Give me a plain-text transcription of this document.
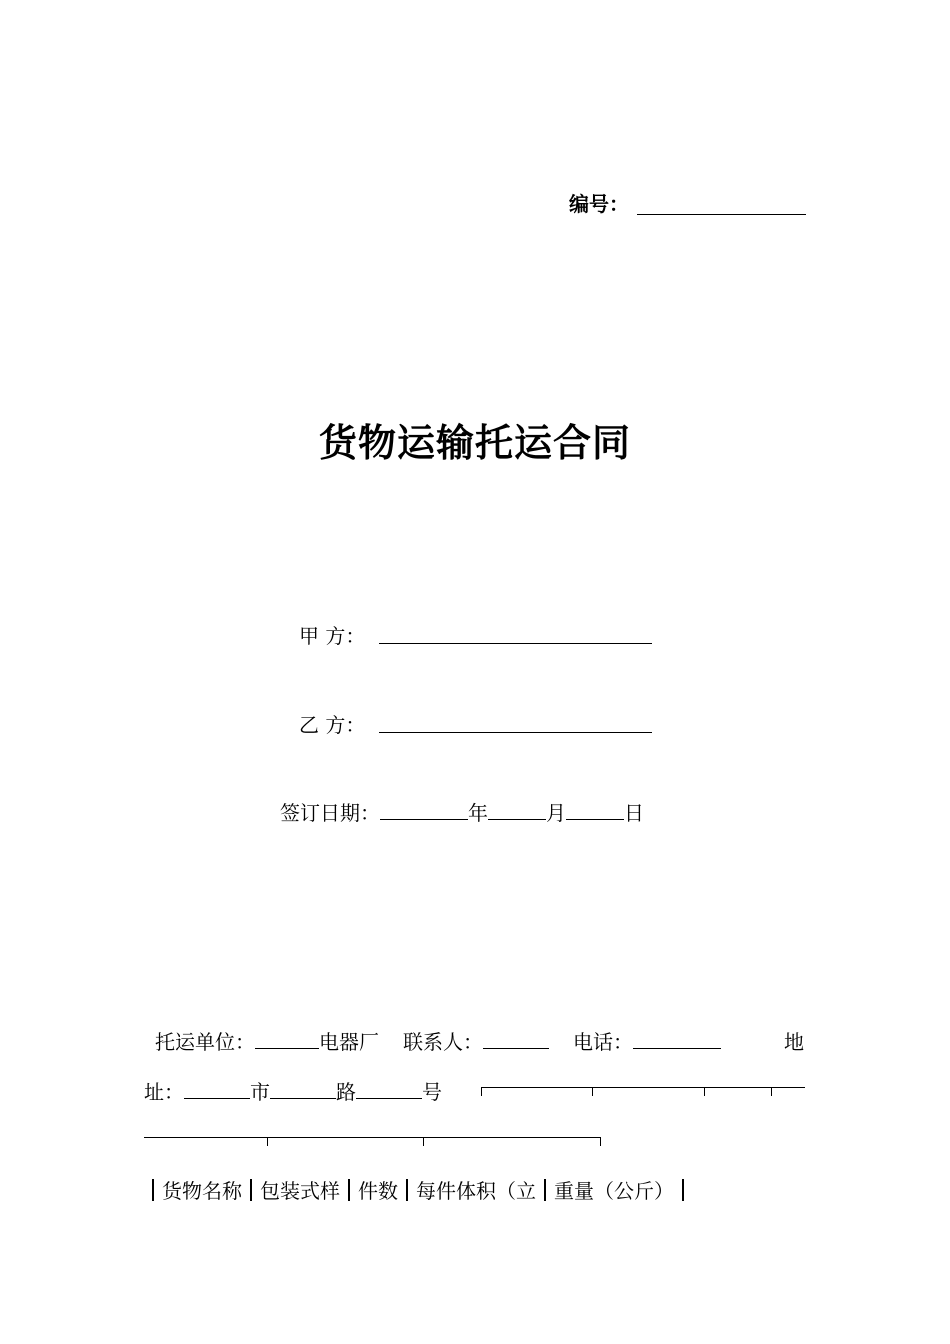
编号：
货物运输托运合同
甲 方：
乙 方：
签订日期：	年	月	日
托运单位：	电器厂 联系人：	电话：	地
址：	市	路	号
货物名称 包装式样 件数 每件体积（立 重量（公斤）
